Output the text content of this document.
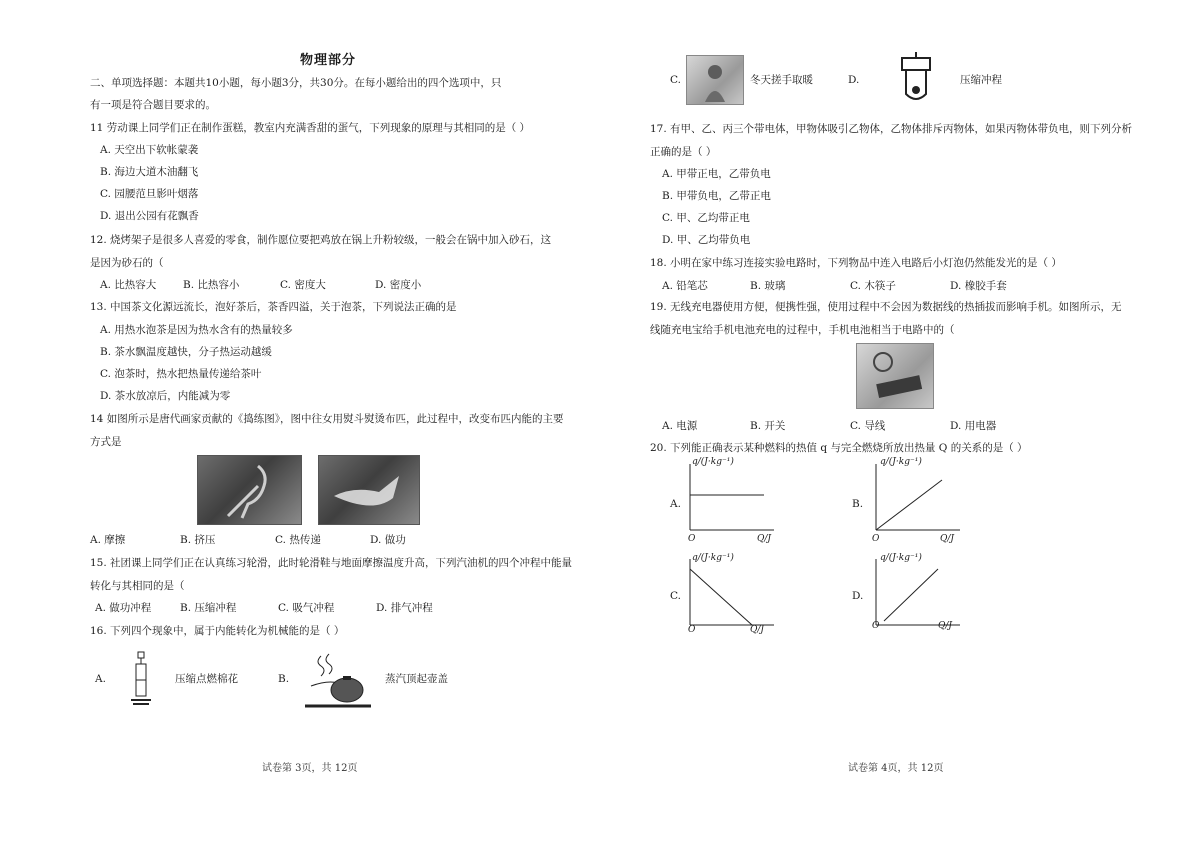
物理部分
二、单项选择题：本题共10小题，每小题3分，共30分。在每小题给出的四个选项中，只
有一项是符合题目要求的。
11 劳动课上同学们正在制作蛋糕，教室内充满香甜的蛋气，下列现象的原理与其相同的是（ ）
A. 天空出下软帐蒙袭
B. 海边大道木油翻飞
C. 园腰范旦影叶烟落
D. 退出公园有花飘香
12. 烧烤架子是很多人喜爱的零食，制作愿位要把鸡放在锅上升粉较级，一般会在锅中加入砂石，这
是因为砂石的（
A. 比热容大	B. 比热容小	C. 密度大	D. 密度小
13. 中国茶文化源远流长，泡好茶后，茶香四溢，关于泡茶，下列说法正确的是
A. 用热水泡茶是因为热水含有的热量较多
B. 茶水飘温度越快，分子热运动越缓
C. 泡茶时，热水把热量传递给茶叶
D. 茶水放凉后，内能减为零
14 如图所示是唐代画家贡献的《捣练图》，图中往女用熨斗熨烫布匹，此过程中，改变布匹内能的主要
方式是
A. 摩擦	B. 挤压	C. 热传递	D. 做功
15. 社团课上同学们正在认真练习轮滑，此时轮滑鞋与地面摩擦温度升高，下列汽油机的四个冲程中能量
转化与其相同的是（
A. 做功冲程	B. 压缩冲程	C. 吸气冲程	D. 排气冲程
16. 下列四个现象中，属于内能转化为机械能的是（ ）
A.	压缩点燃棉花	B.	蒸汽顶起壶盖
试卷第 3页，共 12页
C.	冬天搓手取暖	D.	压缩冲程
17. 有甲、乙、丙三个带电体，甲物体吸引乙物体，乙物体排斥丙物体，如果丙物体带负电，则下列分析
正确的是（ ）
A. 甲带正电，乙带负电
B. 甲带负电，乙带正电
C. 甲、乙均带正电
D. 甲、乙均带负电
18. 小明在家中练习连接实验电路时，下列物品中连入电路后小灯泡仍然能发光的是（ ）
A. 铅笔芯	B. 玻璃	C. 木筷子	D. 橡胶手套
19. 无线充电器使用方便，便携性强，使用过程中不会因为数据线的热插拔而影响手机。如图所示，无
线随充电宝给手机电池充电的过程中，手机电池相当于电路中的（
A. 电源	B. 开关	C. 导线	D. 用电器
20. 下列能正确表示某种燃料的热值 q 与完全燃烧所放出热量 Q 的关系的是（ ）
A.
q/(J·kg⁻¹)
Q/J
O
B.
q/(J·kg⁻¹)
Q/J
O
C.
q/(J·kg⁻¹)
Q/J
O
D.
q/(J·kg⁻¹)
Q/J
O
试卷第 4页，共 12页
